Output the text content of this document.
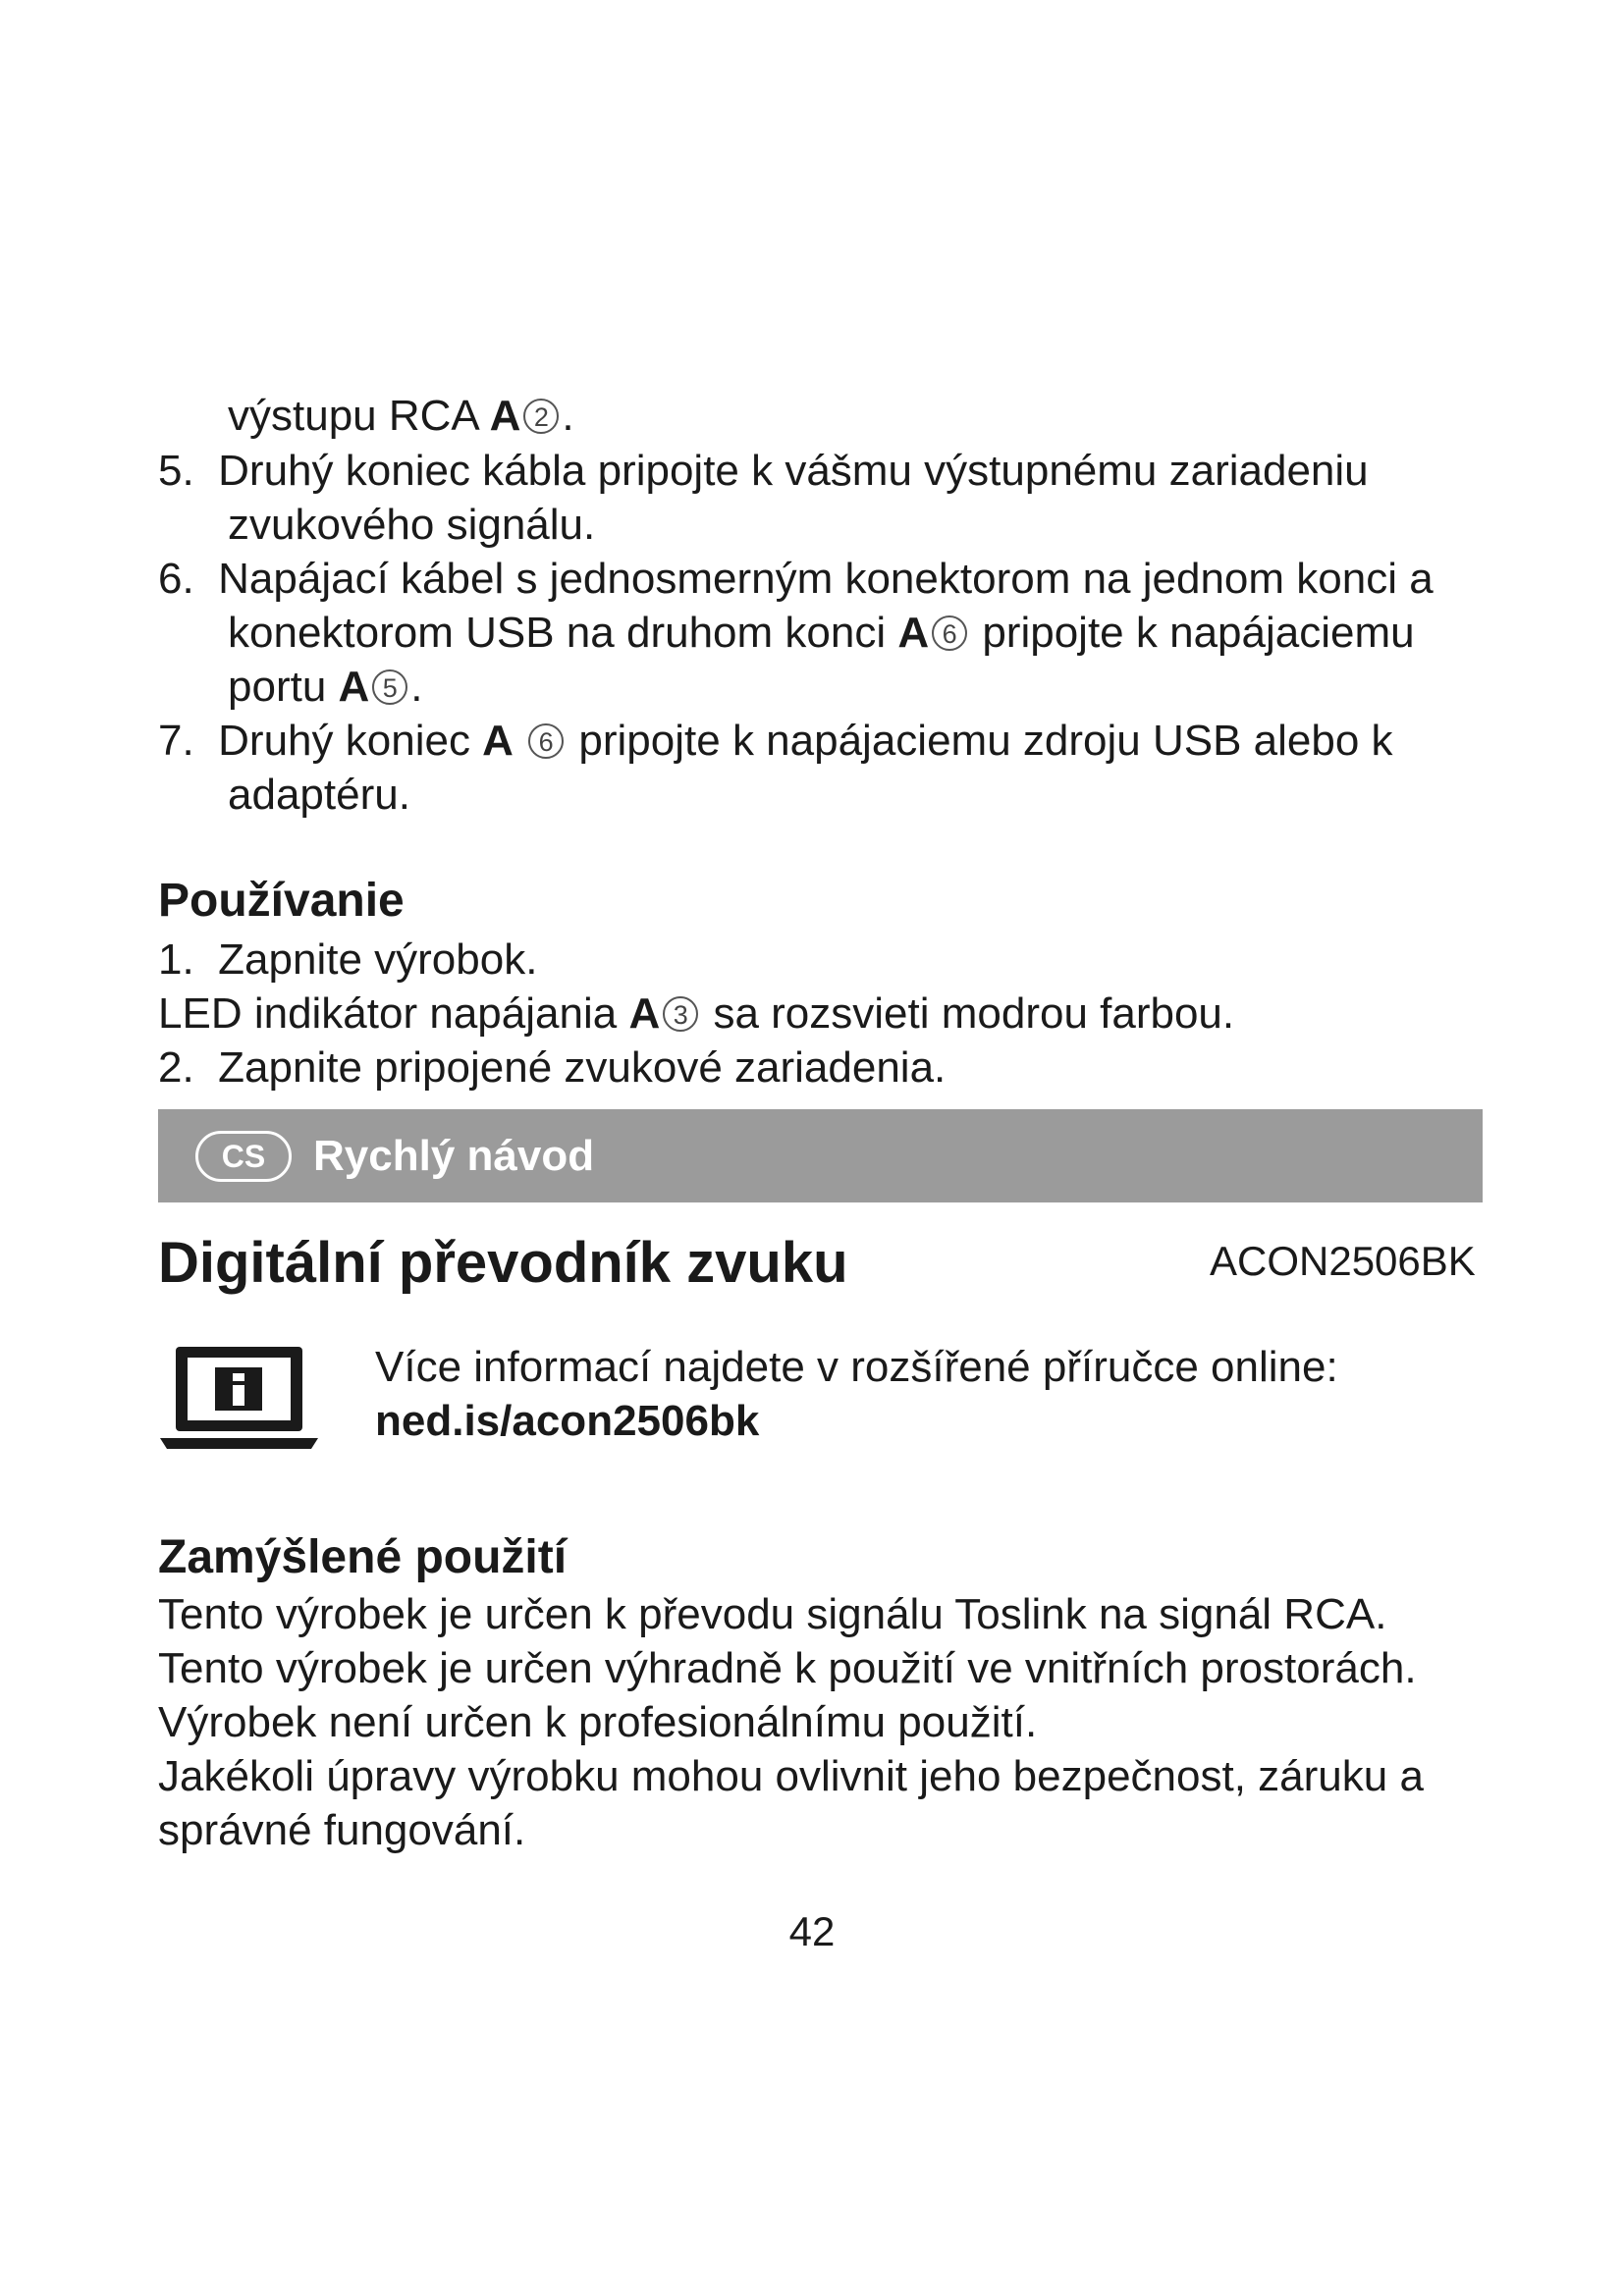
výstupu RCA A 2 .
5. Druhý koniec kábla pripojte k vášmu výstupnému zariadeniu
zvukového signálu.
6. Napájací kábel s jednosmerným konektorom na jednom konci a
konektorom USB na druhom konci A 6 pripojte k napájaciemu
portu A 5 .
7. Druhý koniec A 6 pripojte k napájaciemu zdroju USB alebo k
adaptéru.
Používanie
1. Zapnite výrobok.
LED indikátor napájania A 3 sa rozsvieti modrou farbou.
2. Zapnite pripojené zvukové zariadenia.
CS	Rychlý návod
Digitální převodník zvuku	ACON2506BK
Více informací najdete v rozšířené příručce online:
ned.is/acon2506bk
Zamýšlené použití
Tento výrobek je určen k převodu signálu Toslink na signál RCA.
Tento výrobek je určen výhradně k použití ve vnitřních prostorách.
Výrobek není určen k profesionálnímu použití.
Jakékoli úpravy výrobku mohou ovlivnit jeho bezpečnost, záruku a
správné fungování.
42
